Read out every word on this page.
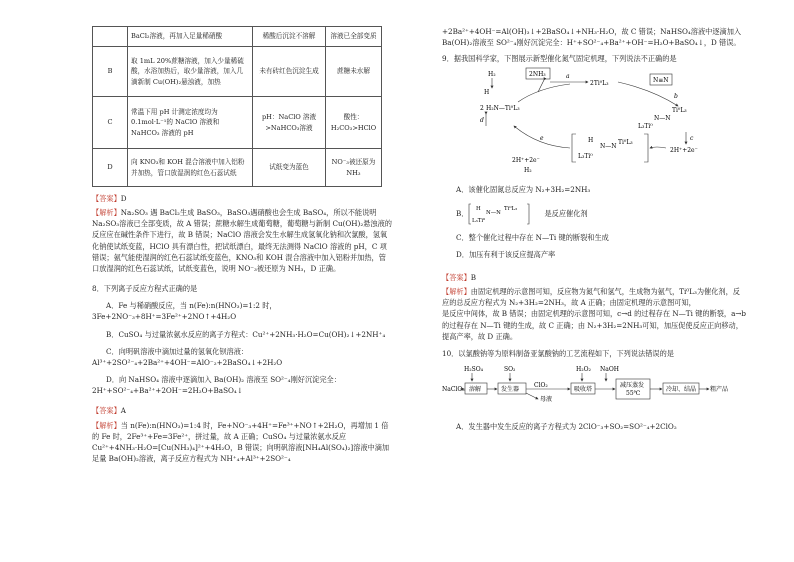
	BaCl₂溶液，再加入足量稀硝酸	稀酸后沉淀不溶解	溶液已全部变质
B	取 1mL 20%蔗糖溶液，加入少量稀硫酸，水浴加热后，取少量溶液，加入几滴新制 Cu(OH)₂悬浊液，加热	未有砖红色沉淀生成	蔗糖未水解
C	常温下用 pH 计测定浓度均为 0.1mol·L⁻¹的 NaClO 溶液和 NaHCO₃ 溶液的 pH	pH：NaClO 溶液 >NaHCO₃溶液	酸性：H₂CO₃>HClO
D	向 KNO₃和 KOH 混合溶液中加入铝粉并加热，管口放湿润的红色石蕊试纸	试纸变为蓝色	NO⁻₃被还原为 NH₃

【答案】D

【解析】Na₂SO₃ 遇 BaCl₂生成 BaSO₃，BaSO₃遇硝酸也会生成 BaSO₄，所以不能说明 Na₂SO₃溶液已全部变质，故 A 错误；蔗糖水解生成葡萄糖，葡萄糖与新制 Cu(OH)₂悬浊液的反应应在碱性条件下进行，故 B 错误；NaClO 溶液会发生水解生成氢氧化钠和次氯酸，氢氧化钠使试纸变蓝，HClO 具有漂白性，把试纸漂白，最终无法测得 NaClO 溶液的 pH，C 项错误；氨气能使湿润的红色石蕊试纸变蓝色，KNO₃和 KOH 混合溶液中加入铝粉并加热，管口放湿润的红色石蕊试纸，试纸变蓝色，说明 NO⁻₃被还原为 NH₃，D 正确。

8．下列离子反应方程式正确的是

A．Fe 与稀硝酸反应，当 n(Fe):n(HNO₃)=1:2 时，3Fe+2NO⁻₃+8H⁺=3Fe²⁺+2NO↑+4H₂O

B．CuSO₄ 与过量浓氨水反应的离子方程式：Cu²⁺+2NH₃·H₂O=Cu(OH)₂↓+2NH⁺₄

C．向明矾溶液中滴加过量的氢氧化钡溶液：Al³⁺+2SO²⁻₄+2Ba²⁺+4OH⁻=AlO⁻₂+2BaSO₄↓+2H₂O

D．向 NaHSO₄ 溶液中逐滴加入 Ba(OH)₂ 溶液至 SO²⁻₄刚好沉淀完全：2H⁺+SO²⁻₄+Ba²⁺+2OH⁻=2H₂O+BaSO₄↓

【答案】A

【解析】当 n(Fe):n(HNO₃)=1:4 时，Fe+NO⁻₃+4H⁺=Fe³⁺+NO↑+2H₂O，再增加 1 倍的 Fe 时，2Fe³⁺+Fe=3Fe²⁺，拼过量，故 A 正确；CuSO₄ 与过量浓氨水反应 Cu²⁺+4NH₃·H₂O=[Cu(NH₃)₄]²⁺+4H₂O，B 错误；向明矾溶液[NH₄Al(SO₄)₂]溶液中滴加足量 Ba(OH)₂溶液，离子反应方程式为 NH⁺₄+Al³⁺+2SO²⁻₄

+2Ba²⁺+4OH⁻=Al(OH)₃↓+2BaSO₄↓+NH₃·H₂O，故 C 错误；NaHSO₄溶液中逐滴加入 Ba(OH)₂溶液至 SO²⁻₄刚好沉淀完全：H⁺+SO²⁻₄+Ba²⁺+OH⁻=H₂O+BaSO₄↓，D 错误。

9．据我国科学家，下图展示新型催化氮气固定机理，下列说法不正确的是

H₂	2NH₃	a
2Ti⁰L₃	N≡N
b
Ti⁰L₃
N—N
L₃Ti⁰
c
2H⁺+2e⁻
H
N—N
Ti⁰L₃
L₃Ti⁰
e
2H⁺+2e⁻
H₂
H
2 H₂N—Ti⁰L₃
d

A．该催化固氮总反应为 N₂+3H₂=2NH₃

B．
H
N—N
Ti⁰L₃
L₃Ti⁰
是反应催化剂

C．整个催化过程中存在 N—Ti 键的断裂和生成

D．加压有利于该反应提高产率

【答案】B

【解析】由固定机理的示意图可知，反应物为氮气和氢气，生成物为氨气，Ti⁰L₃为催化剂，反应的总反应方程式为 N₂+3H₂=2NH₃，故 A 正确；由固定机理的示意图可知，

是反应中间体，故 B 错误；由固定机理的示意图可知，c→d 的过程存在 N—Ti 键的断裂，a→b 的过程存在 N—Ti 键的生成，故 C 正确；由 N₂+3H₂=2NH₃可知，加压促使反应正向移动，提高产率，故 D 正确。

10．以氯酸钠等为原料制备亚氯酸钠的工艺流程如下，下列说法错误的是

H₂SO₄	SO₂	H₂O₂ NaOH
NaClO₃ 溶解	发生器
ClO₂
母液
吸收塔
减压蒸发
55℃
冷却、结晶 粗产品

A．发生器中发生反应的离子方程式为 2ClO⁻₃+SO₂=SO²⁻₄+2ClO₂
